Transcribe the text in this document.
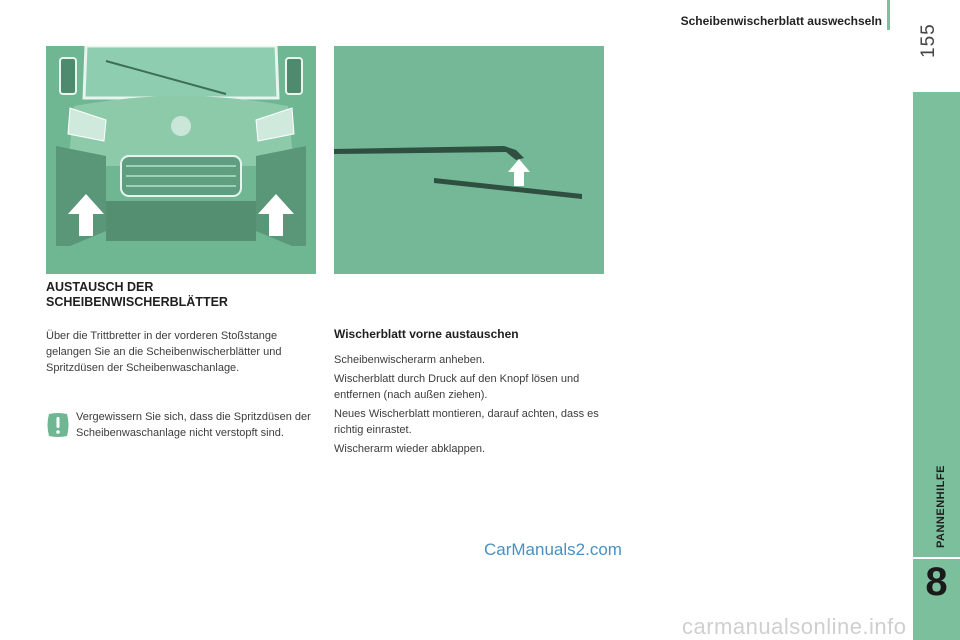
Scheibenwischerblatt auswechseln
155
PANNENHILFE
8
AUSTAUSCH DER SCHEIBENWISCHERBLÄTTER
Über die Trittbretter in der vorderen Stoßstange gelangen Sie an die Scheibenwischerblätter und Spritzdüsen der Scheibenwaschanlage.
Vergewissern Sie sich, dass die Spritzdüsen der Scheibenwaschanlage nicht verstopft sind.
Wischerblatt vorne austauschen

Scheibenwischerarm anheben.

Wischerblatt durch Druck auf den Knopf lösen und entfernen (nach außen ziehen).

Neues Wischerblatt montieren, darauf achten, dass es richtig einrastet.

Wischerarm wieder abklappen.

CarManuals2.com
carmanualsonline.info
